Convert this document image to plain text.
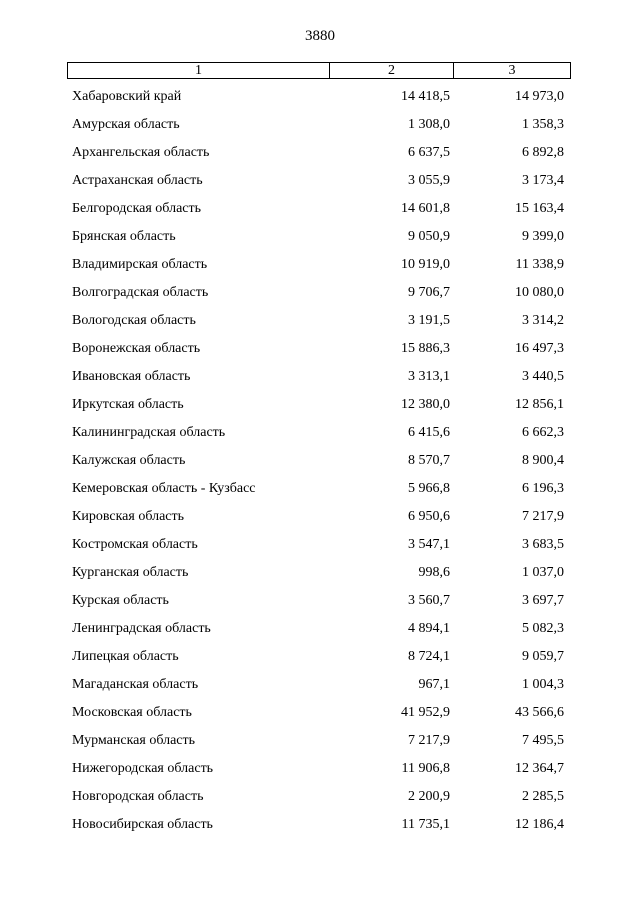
3880
1	2	3
Хабаровский край	14 418,5	14 973,0
Амурская область	1 308,0	1 358,3
Архангельская область	6 637,5	6 892,8
Астраханская область	3 055,9	3 173,4
Белгородская область	14 601,8	15 163,4
Брянская область	9 050,9	9 399,0
Владимирская область	10 919,0	11 338,9
Волгоградская область	9 706,7	10 080,0
Вологодская область	3 191,5	3 314,2
Воронежская область	15 886,3	16 497,3
Ивановская область	3 313,1	3 440,5
Иркутская область	12 380,0	12 856,1
Калининградская область	6 415,6	6 662,3
Калужская область	8 570,7	8 900,4
Кемеровская область - Кузбасс	5 966,8	6 196,3
Кировская область	6 950,6	7 217,9
Костромская область	3 547,1	3 683,5
Курганская область	998,6	1 037,0
Курская область	3 560,7	3 697,7
Ленинградская область	4 894,1	5 082,3
Липецкая область	8 724,1	9 059,7
Магаданская область	967,1	1 004,3
Московская область	41 952,9	43 566,6
Мурманская область	7 217,9	7 495,5
Нижегородская область	11 906,8	12 364,7
Новгородская область	2 200,9	2 285,5
Новосибирская область	11 735,1	12 186,4
